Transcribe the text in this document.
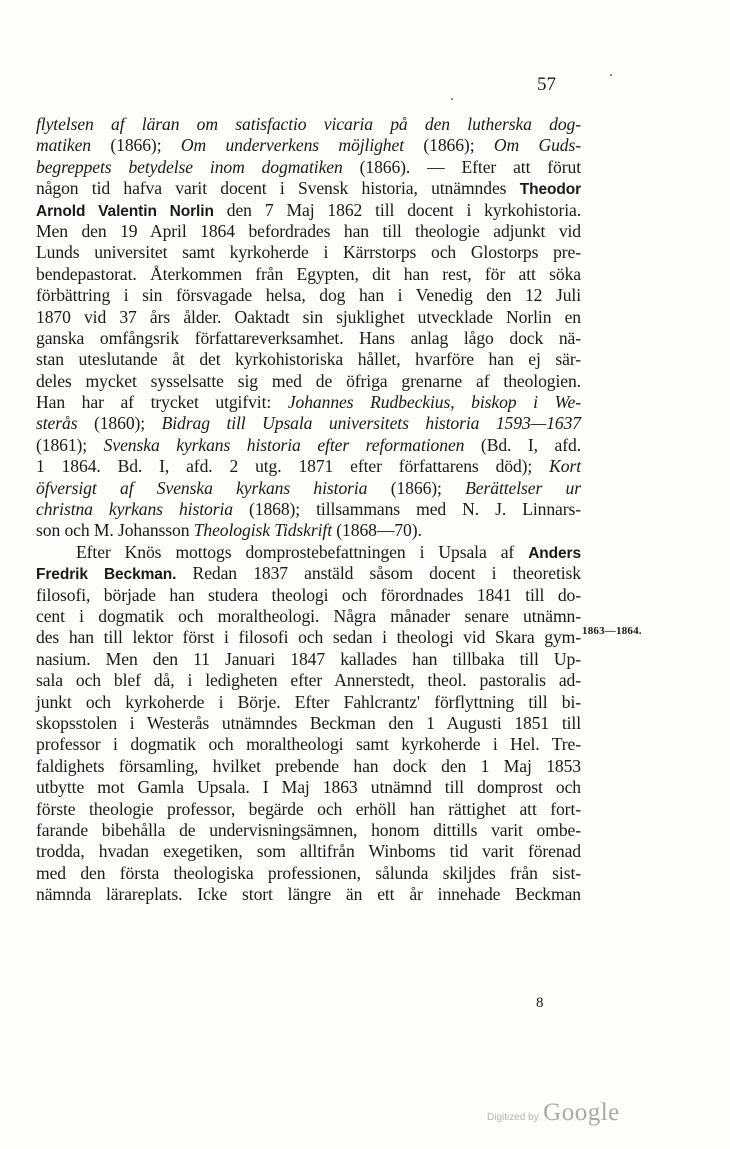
57
flytelsen af läran om satisfactio vicaria på den lutherska dog-
matiken (1866); Om underverkens möjlighet (1866); Om Guds-
begreppets betydelse inom dogmatiken (1866). — Efter att förut
någon tid hafva varit docent i Svensk historia, utnämndes Theodor
Arnold Valentin Norlin den 7 Maj 1862 till docent i kyrkohistoria.
Men den 19 April 1864 befordrades han till theologie adjunkt vid
Lunds universitet samt kyrkoherde i Kärrstorps och Glostorps pre-
bendepastorat. Återkommen från Egypten, dit han rest, för att söka
förbättring i sin försvagade helsa, dog han i Venedig den 12 Juli
1870 vid 37 års ålder. Oaktadt sin sjuklighet utvecklade Norlin en
ganska omfångsrik författareverksamhet. Hans anlag lågo dock nä-
stan uteslutande åt det kyrkohistoriska hållet, hvarföre han ej sär-
deles mycket sysselsatte sig med de öfriga grenarne af theologien.
Han har af trycket utgifvit: Johannes Rudbeckius, biskop i We-
sterås (1860); Bidrag till Upsala universitets historia 1593—1637
(1861); Svenska kyrkans historia efter reformationen (Bd. I, afd.
1 1864. Bd. I, afd. 2 utg. 1871 efter författarens död); Kort
öfversigt af Svenska kyrkans historia (1866); Berättelser ur
christna kyrkans historia (1868); tillsammans med N. J. Linnars-
son och M. Johansson Theologisk Tidskrift (1868—70).
Efter Knös mottogs domprostebefattningen i Upsala af Anders
Fredrik Beckman. Redan 1837 anstäld såsom docent i theoretisk
filosofi, började han studera theologi och förordnades 1841 till do-
cent i dogmatik och moraltheologi. Några månader senare utnämn-
des han till lektor först i filosofi och sedan i theologi vid Skara gym-
nasium. Men den 11 Januari 1847 kallades han tillbaka till Up-
sala och blef då, i ledigheten efter Annerstedt, theol. pastoralis ad-
junkt och kyrkoherde i Börje. Efter Fahlcrantz' förflyttning till bi-
skopsstolen i Westerås utnämndes Beckman den 1 Augusti 1851 till
professor i dogmatik och moraltheologi samt kyrkoherde i Hel. Tre-
faldighets församling, hvilket prebende han dock den 1 Maj 1853
utbytte mot Gamla Upsala. I Maj 1863 utnämnd till domprost och
förste theologie professor, begärde och erhöll han rättighet att fort-
farande bibehålla de undervisningsämnen, honom dittills varit ombe-
trodda, hvadan exegetiken, som alltifrån Winboms tid varit förenad
med den första theologiska professionen, sålunda skiljdes från sist-
nämnda lärareplats. Icke stort längre än ett år innehade Beckman
1863—1864.
8
Digitized by Google
